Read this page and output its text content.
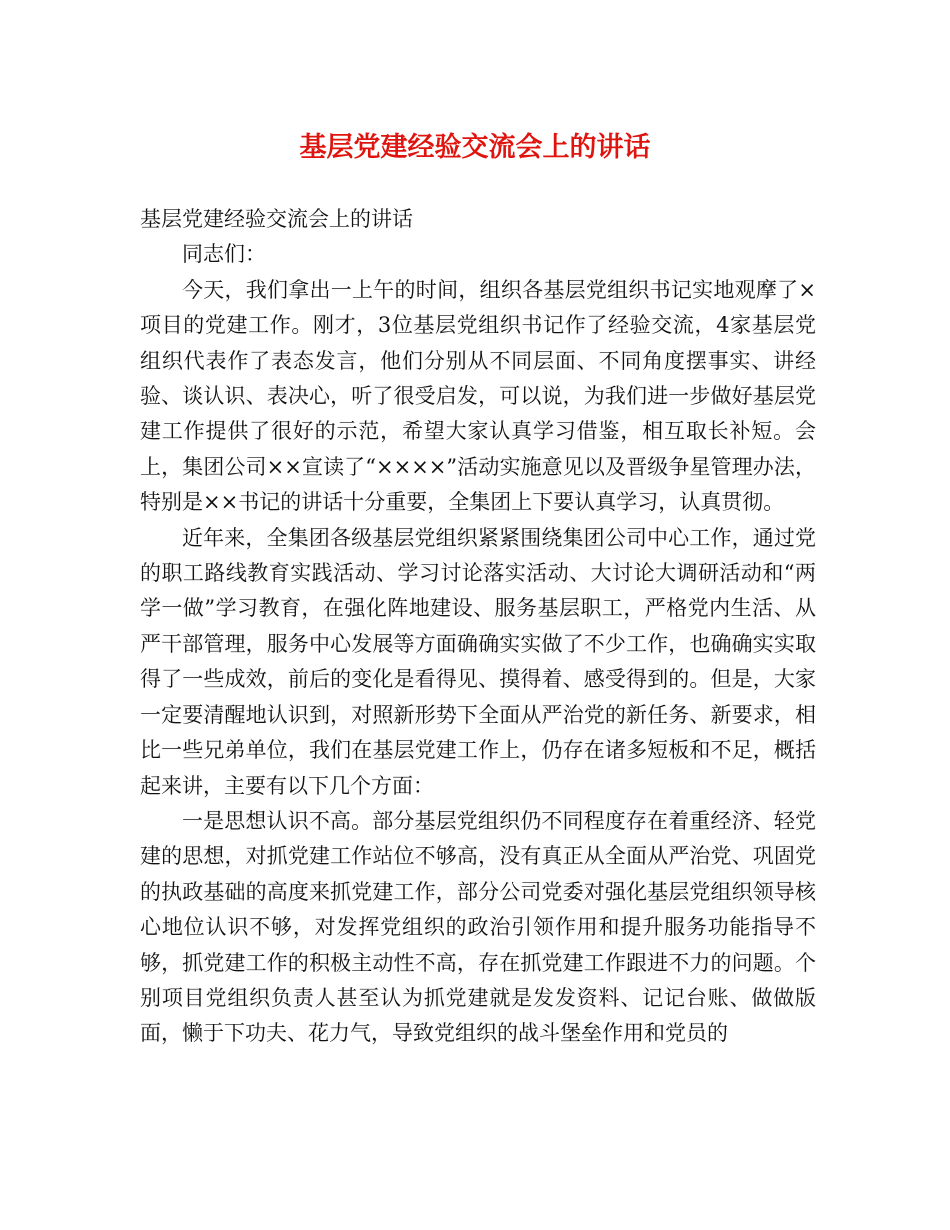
基层党建经验交流会上的讲话

基层党建经验交流会上的讲话

同志们：

今天，我们拿出一上午的时间，组织各基层党组织书记实地观摩了×项目的党建工作。刚才，3位基层党组织书记作了经验交流，4家基层党组织代表作了表态发言，他们分别从不同层面、不同角度摆事实、讲经验、谈认识、表决心，听了很受启发，可以说，为我们进一步做好基层党建工作提供了很好的示范，希望大家认真学习借鉴，相互取长补短。会上，集团公司××宣读了“××××”活动实施意见以及晋级争星管理办法，特别是××书记的讲话十分重要，全集团上下要认真学习，认真贯彻。

近年来，全集团各级基层党组织紧紧围绕集团公司中心工作，通过党的职工路线教育实践活动、学习讨论落实活动、大讨论大调研活动和“两学一做”学习教育，在强化阵地建设、服务基层职工，严格党内生活、从严干部管理，服务中心发展等方面确确实实做了不少工作，也确确实实取得了一些成效，前后的变化是看得见、摸得着、感受得到的。但是，大家一定要清醒地认识到，对照新形势下全面从严治党的新任务、新要求，相比一些兄弟单位，我们在基层党建工作上，仍存在诸多短板和不足，概括起来讲，主要有以下几个方面：

一是思想认识不高。部分基层党组织仍不同程度存在着重经济、轻党建的思想，对抓党建工作站位不够高，没有真正从全面从严治党、巩固党的执政基础的高度来抓党建工作，部分公司党委对强化基层党组织领导核心地位认识不够，对发挥党组织的政治引领作用和提升服务功能指导不够，抓党建工作的积极主动性不高，存在抓党建工作跟进不力的问题。个别项目党组织负责人甚至认为抓党建就是发发资料、记记台账、做做版面，懒于下功夫、花力气，导致党组织的战斗堡垒作用和党员的
